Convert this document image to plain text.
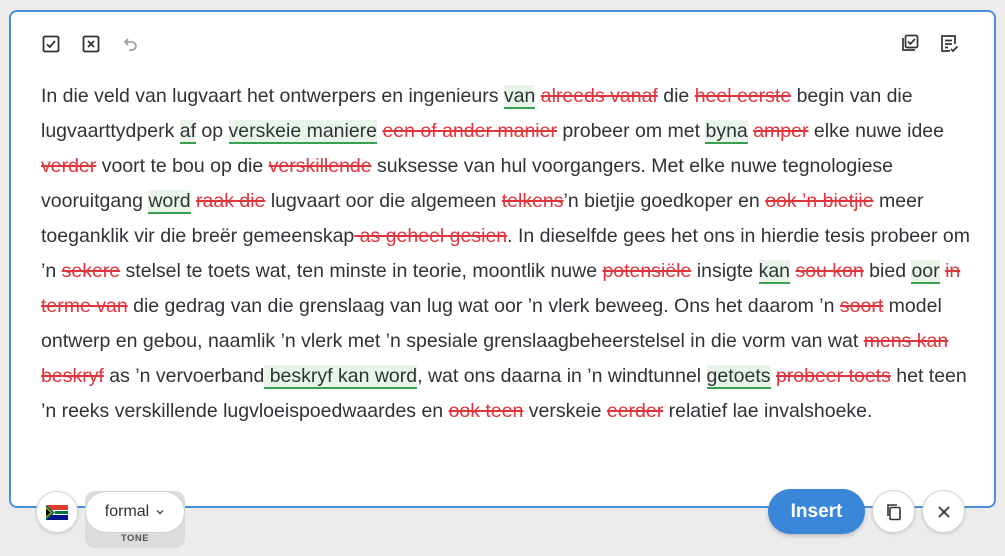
In die veld van lugvaart het ontwerpers en ingenieurs van alreeds vanaf die heel eerste begin van die lugvaarttydperk af op verskeie maniere een of ander manier probeer om met byna amper elke nuwe idee verder voort te bou op die verskillende suksesse van hul voorgangers. Met elke nuwe tegnologiese vooruitgang word raak die lugvaart oor die algemeen telkens’n bietjie goedkoper en ook ’n bietjie meer toeganklik vir die breër gemeenskap as geheel gesien. In dieselfde gees het ons in hierdie tesis probeer om ’n sekere stelsel te toets wat, ten minste in teorie, moontlik nuwe potensiële insigte kan sou kon bied oor in terme van die gedrag van die grenslaag van lug wat oor ’n vlerk beweeg. Ons het daarom ’n soort model ontwerp en gebou, naamlik ’n vlerk met ’n spesiale grenslaagbeheerstelsel in die vorm van wat mens kan beskryf as ’n vervoerband beskryf kan word, wat ons daarna in ’n windtunnel getoets probeer toets het teen ’n reeks verskillende lugvloeispoedwaardes en ook teen verskeie eerder relatief lae invalshoeke.
formal
TONE
Insert
